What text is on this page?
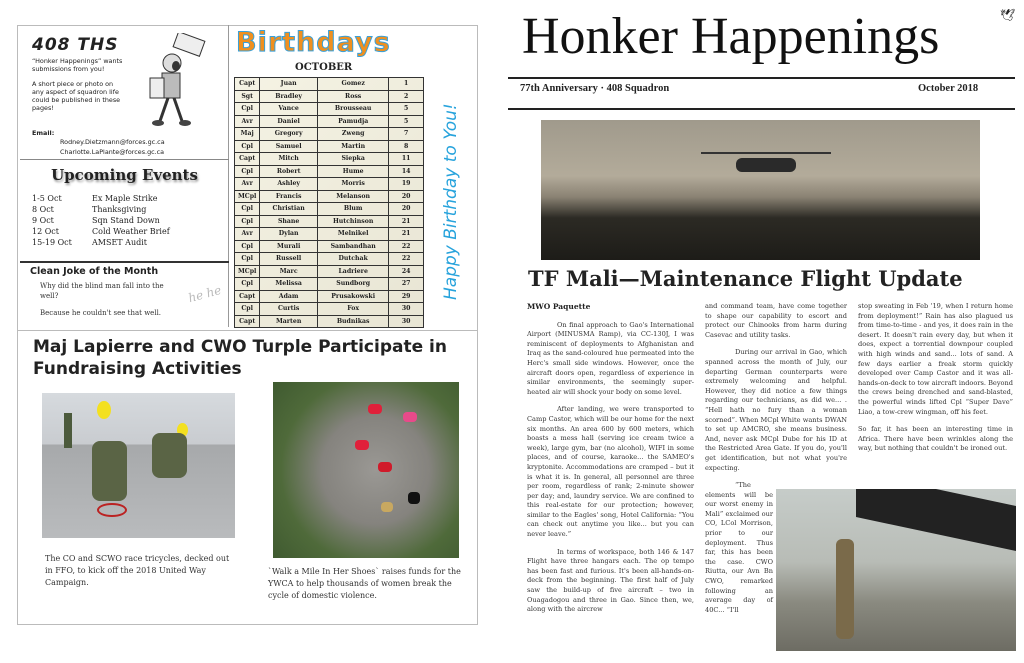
408 THS
“Honker Happenings” wants submissions from you!
A short piece or photo on any aspect of squadron life could be published in these pages!
Email:
Rodney.Dietzmann@forces.gc.ca
Charlotte.LaPlante@forces.gc.ca
Upcoming Events
1-5 Oct	Ex Maple Strike
8 Oct	Thanksgiving
9 Oct	Sqn Stand Down
12 Oct	Cold Weather Brief
15-19 Oct	AMSET Audit
Clean Joke of the Month
Why did the blind man fall into the well?
Because he couldn't see that well.
he he
Birthdays
OCTOBER
Capt	Juan	Gomez	1
Sgt	Bradley	Ross	2
Cpl	Vance	Brousseau	5
Avr	Daniel	Pamudja	5
Maj	Gregory	Zweng	7
Cpl	Samuel	Martin	8
Capt	Mitch	Siepka	11
Cpl	Robert	Hume	14
Avr	Ashley	Morris	19
MCpl	Francis	Melanson	20
Cpl	Christian	Blum	20
Cpl	Shane	Hutchinson	21
Avr	Dylan	Melnikel	21
Cpl	Murali	Sambandhan	22
Cpl	Russell	Dutchak	22
MCpl	Marc	Ladriere	24
Cpl	Melissa	Sundborg	27
Capt	Adam	Prusakowski	29
Cpl	Curtis	Fox	30
Capt	Marten	Budnikas	30
Happy Birthday to You!
Maj Lapierre and CWO Turple Participate in Fundraising Activities
The CO and SCWO race tricycles, decked out in FFO, to kick off the 2018 United Way Campaign.
`Walk a Mile In Her Shoes` raises funds for the YWCA to help thousands of women break the cycle of domestic violence.
Honker Happenings	🕊
77th Anniversary · 408 Squadron	October 2018
TF Mali—Maintenance Flight Update
MWO Paquette

On final approach to Gao's International Airport (MINUSMA Ramp), via CC-130J, I was reminiscent of deployments to Afghanistan and Iraq as the sand-coloured hue permeated into the Herc's small side windows. However, once the aircraft doors open, regardless of experience in similar environments, the seemingly super-heated air will shock your body on some level.

After landing, we were transported to Camp Castor, which will be our home for the next six months. An area 600 by 600 meters, which boasts a mess hall (serving ice cream twice a week), large gym, bar (no alcohol), WIFI in some places, and of course, karaoke... the SAMEO's kryptonite. Accommodations are cramped – but it is what it is. In general, all personnel are three per room, regardless of rank; 2-minute shower per day; and, laundry service. We are confined to this real-estate for our protection; however, similar to the Eagles' song, Hotel California: “You can check out anytime you like... but you can never leave.”

In terms of workspace, both 146 & 147 Flight have three hangars each. The op tempo has been fast and furious. It's been all-hands-on-deck from the beginning. The first half of July saw the build-up of five aircraft – two in Ouagadogou and three in Gao. Since then, we, along with the aircrew

and command team, have come together to shape our capability to escort and protect our Chinooks from harm during Casevac and utility tasks.

During our arrival in Gao, which spanned across the month of July, our departing German counterparts were extremely welcoming and helpful. However, they did notice a few things regarding our technicians, as did we... . “Hell hath no fury than a woman scorned”. When MCpl White wants DWAN to set up AMCRO, she means business. And, never ask MCpl Dube for his ID at the Restricted Area Gate. If you do, you'll get identification, but not what you're expecting.

“The elements will be our worst enemy in Mali” exclaimed our CO, LCol Morrison, prior to our deployment. Thus far, this has been the case. CWO Riutta, our Avn Bn CWO, remarked following an average day of 40C... “I'll

stop sweating in Feb '19, when I return home from deployment!” Rain has also plagued us from time-to-time - and yes, it does rain in the desert. It doesn't rain every day, but when it does, expect a torrential downpour coupled with high winds and sand... lots of sand. A few days earlier a freak storm quickly developed over Camp Castor and it was all-hands-on-deck to tow aircraft indoors. Beyond the crews being drenched and sand-blasted, the powerful winds lifted Cpl “Super Dave” Liao, a tow-crew wingman, off his feet.

So far, it has been an interesting time in Africa. There have been wrinkles along the way, but nothing that couldn't be ironed out.
